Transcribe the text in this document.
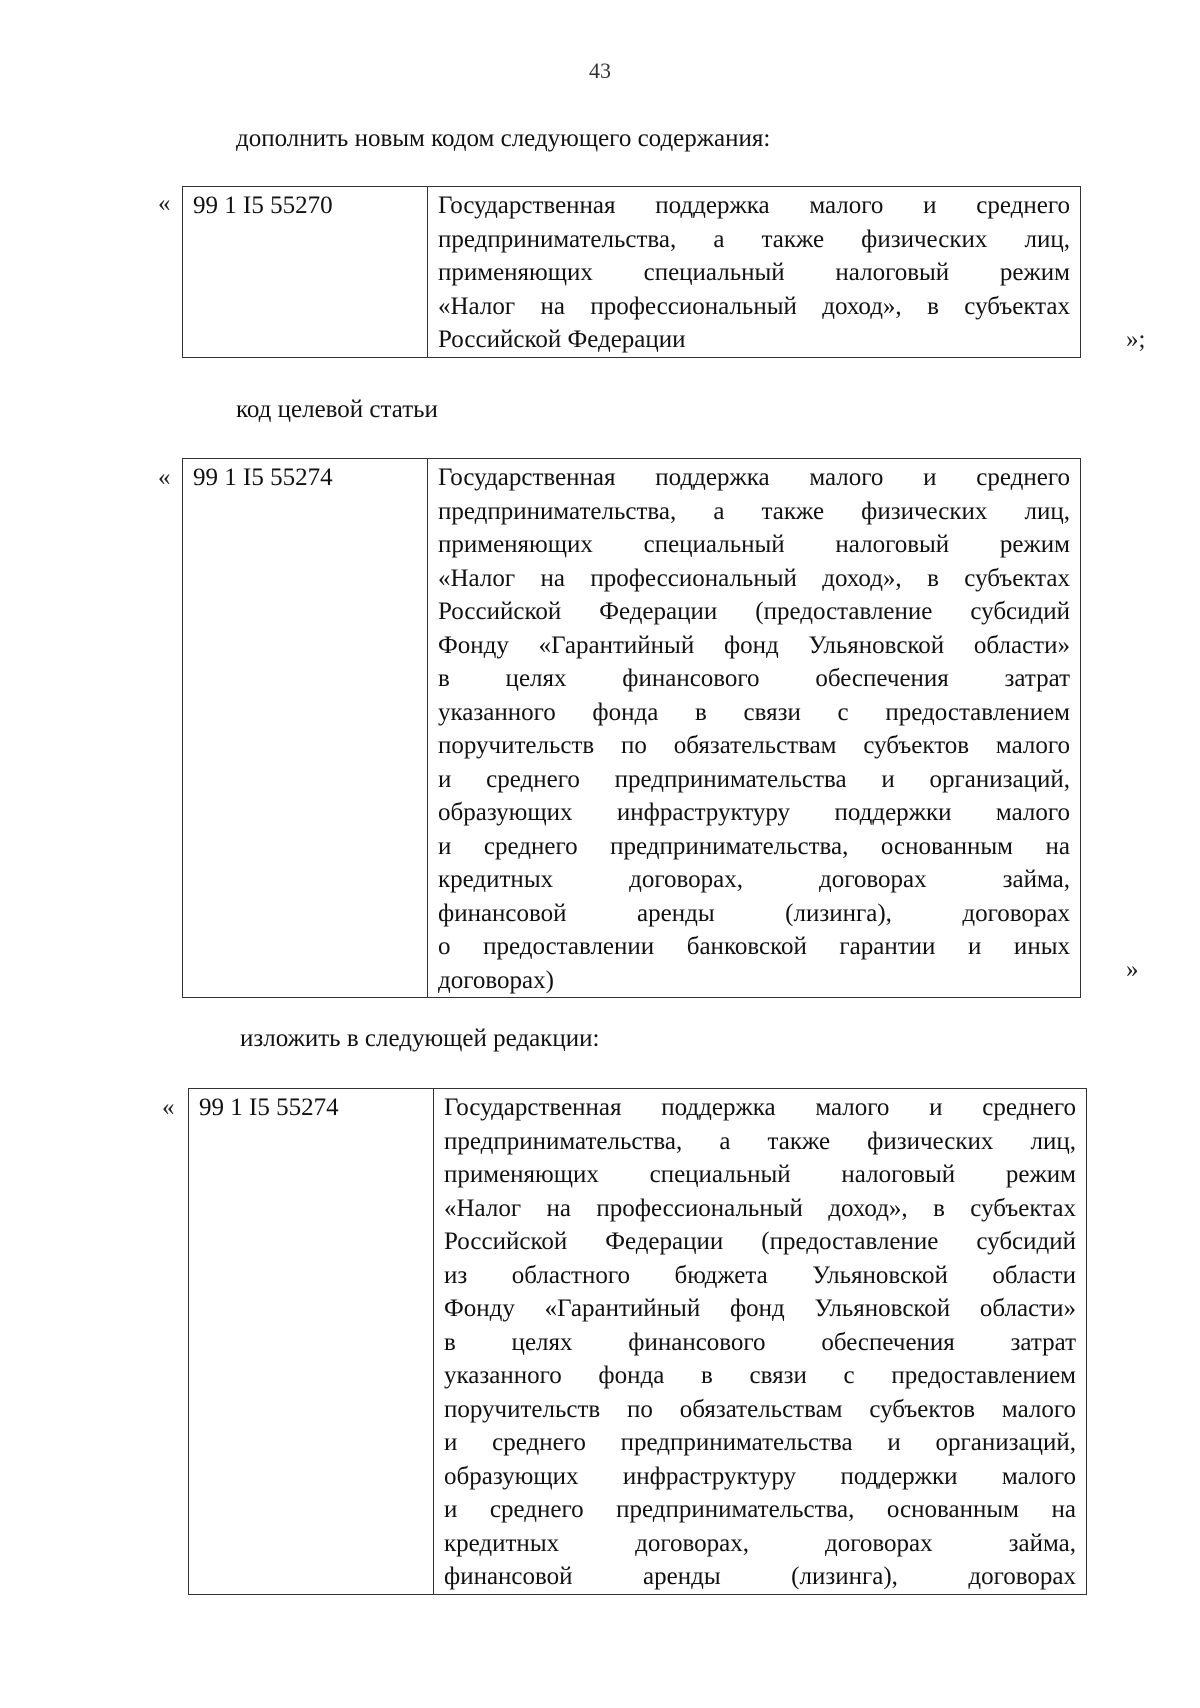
43
дополнить новым кодом следующего содержания:
« 99 1 I5 55270	Государственная поддержка малого и среднего
предпринимательства, а также физических лиц,
применяющих специальный налоговый режим
«Налог на профессиональный доход», в субъектах
Российской Федерации	»;
код целевой статьи
« 99 1 I5 55274	Государственная поддержка малого и среднего
предпринимательства, а также физических лиц,
применяющих специальный налоговый режим
«Налог на профессиональный доход», в субъектах
Российской Федерации (предоставление субсидий
Фонду «Гарантийный фонд Ульяновской области»
в целях финансового обеспечения затрат
указанного фонда в связи с предоставлением
поручительств по обязательствам субъектов малого
и среднего предпринимательства и организаций,
образующих инфраструктуру поддержки малого
и среднего предпринимательства, основанным на
кредитных договорах, договорах займа,
финансовой аренды (лизинга), договорах
о предоставлении банковской гарантии и иных
договорах)	»
изложить в следующей редакции:
« 99 1 I5 55274	Государственная поддержка малого и среднего
предпринимательства, а также физических лиц,
применяющих специальный налоговый режим
«Налог на профессиональный доход», в субъектах
Российской Федерации (предоставление субсидий
из областного бюджета Ульяновской области
Фонду «Гарантийный фонд Ульяновской области»
в целях финансового обеспечения затрат
указанного фонда в связи с предоставлением
поручительств по обязательствам субъектов малого
и среднего предпринимательства и организаций,
образующих инфраструктуру поддержки малого
и среднего предпринимательства, основанным на
кредитных договорах, договорах займа,
финансовой аренды (лизинга), договорах
